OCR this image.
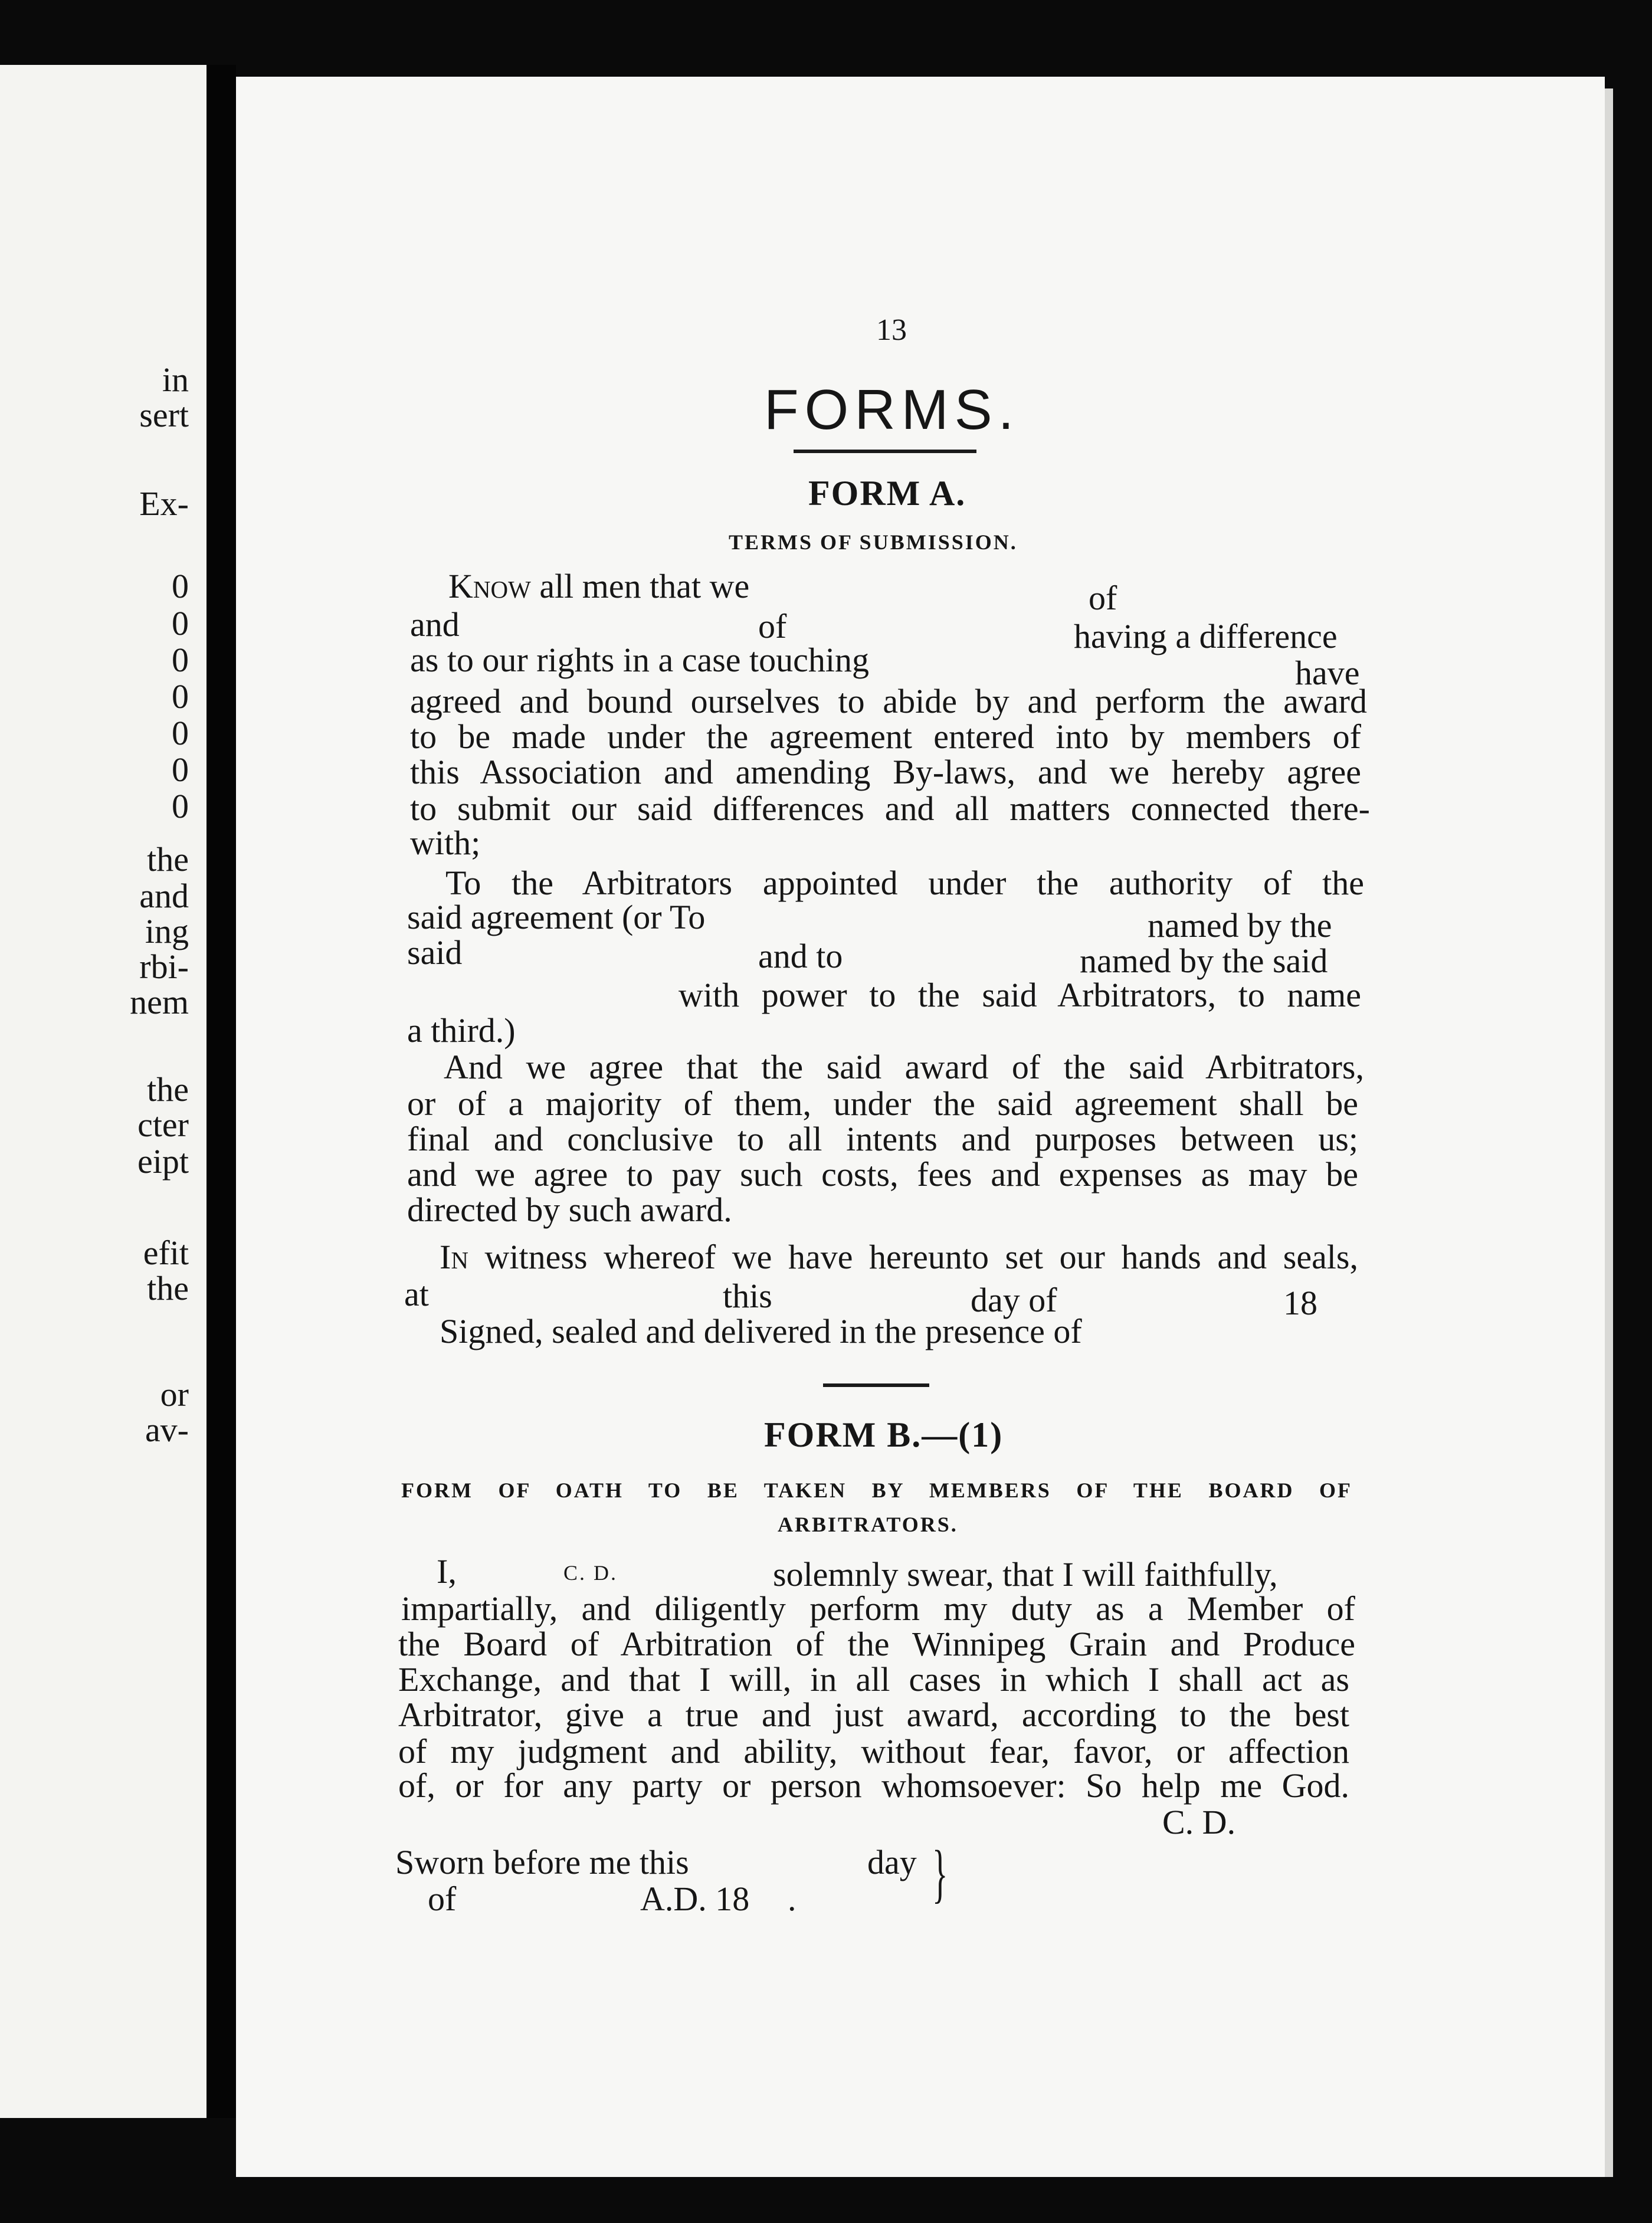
in
sert
Ex-
0
0
0
0
0
0
0
the
and
ing
rbi-
nem
the
cter
eipt
efit
the
or
av-
13
FORMS.
FORM A.
TERMS OF SUBMISSION.
Know all men that we	of
and	of	having a difference
as to our rights in a case touching	have
agreed and bound ourselves to abide by and perform the award
to be made under the agreement entered into by members of
this Association and amending By-laws, and we hereby agree
to submit our said differences and all matters connected there-
with;
To the Arbitrators appointed under the authority of the
said agreement (or To	named by the
said	and to	named by the said
with power to the said Arbitrators, to name
a third.)
And we agree that the said award of the said Arbitrators,
or of a majority of them, under the said agreement shall be
final and conclusive to all intents and purposes between us;
and we agree to pay such costs, fees and expenses as may be
directed by such award.
In witness whereof we have hereunto set our hands and seals,
at	this	day of	18
Signed, sealed and delivered in the presence of
FORM B.—(1)
FORM OF OATH TO BE TAKEN BY MEMBERS OF THE BOARD OF
ARBITRATORS.
I,	C. D.	solemnly swear, that I will faithfully,
impartially, and diligently perform my duty as a Member of
the Board of Arbitration of the Winnipeg Grain and Produce
Exchange, and that I will, in all cases in which I shall act as
Arbitrator, give a true and just award, according to the best
of my judgment and ability, without fear, favor, or affection
of, or for any party or person whomsoever: So help me God.
C. D.
Sworn before me this	day
of	A.D. 18 . }
